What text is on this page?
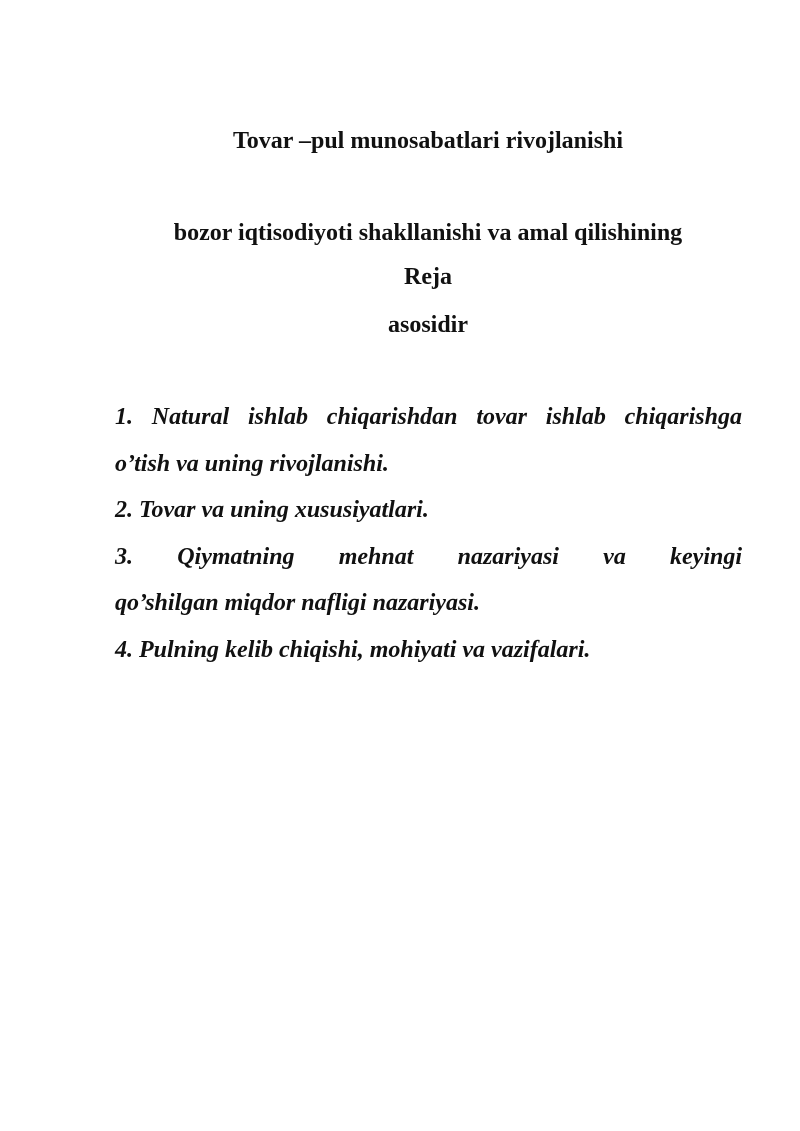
Tovar –pul munosabatlari rivojlanishi

bozor iqtisodiyoti shakllanishi va amal qilishining

asosidir

Reja
1. Natural ishlab chiqarishdan tovar ishlab chiqarishga
o’tish va uning rivojlanishi.
2. Tovar va uning xususiyatlari.
3. Qiymatning mehnat nazariyasi va keyingi
qo’shilgan miqdor nafligi nazariyasi.
4. Pulning kelib chiqishi, mohiyati va vazifalari.
